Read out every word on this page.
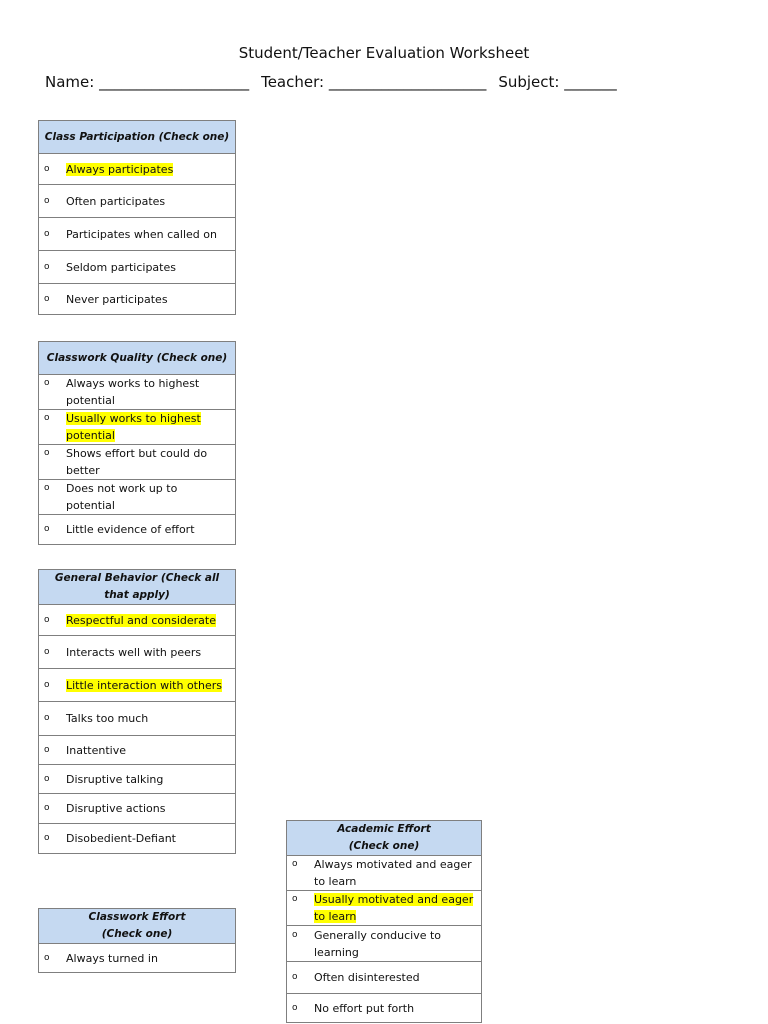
Student/Teacher Evaluation Worksheet
Name: ____________________ Teacher: _____________________ Subject: _______
Class Participation (Check one)

o	Always participates

o	Often participates

o	Participates when called on

o	Seldom participates

o	Never participates
Classwork Quality (Check one)

o	Always works to highest potential

o	Usually works to highest potential

o	Shows effort but could do better

o	Does not work up to potential

o	Little evidence of effort
General Behavior (Check all that apply)

o	Respectful and considerate

o	Interacts well with peers

o	Little interaction with others

o	Talks too much

o	Inattentive

o	Disruptive talking

o	Disruptive actions

o	Disobedient-Defiant
Classwork Effort
(Check one)

o	Always turned in
Academic Effort
(Check one)

o	Always motivated and eager to learn

o	Usually motivated and eager to learn

o	Generally conducive to learning

o	Often disinterested

o	No effort put forth
